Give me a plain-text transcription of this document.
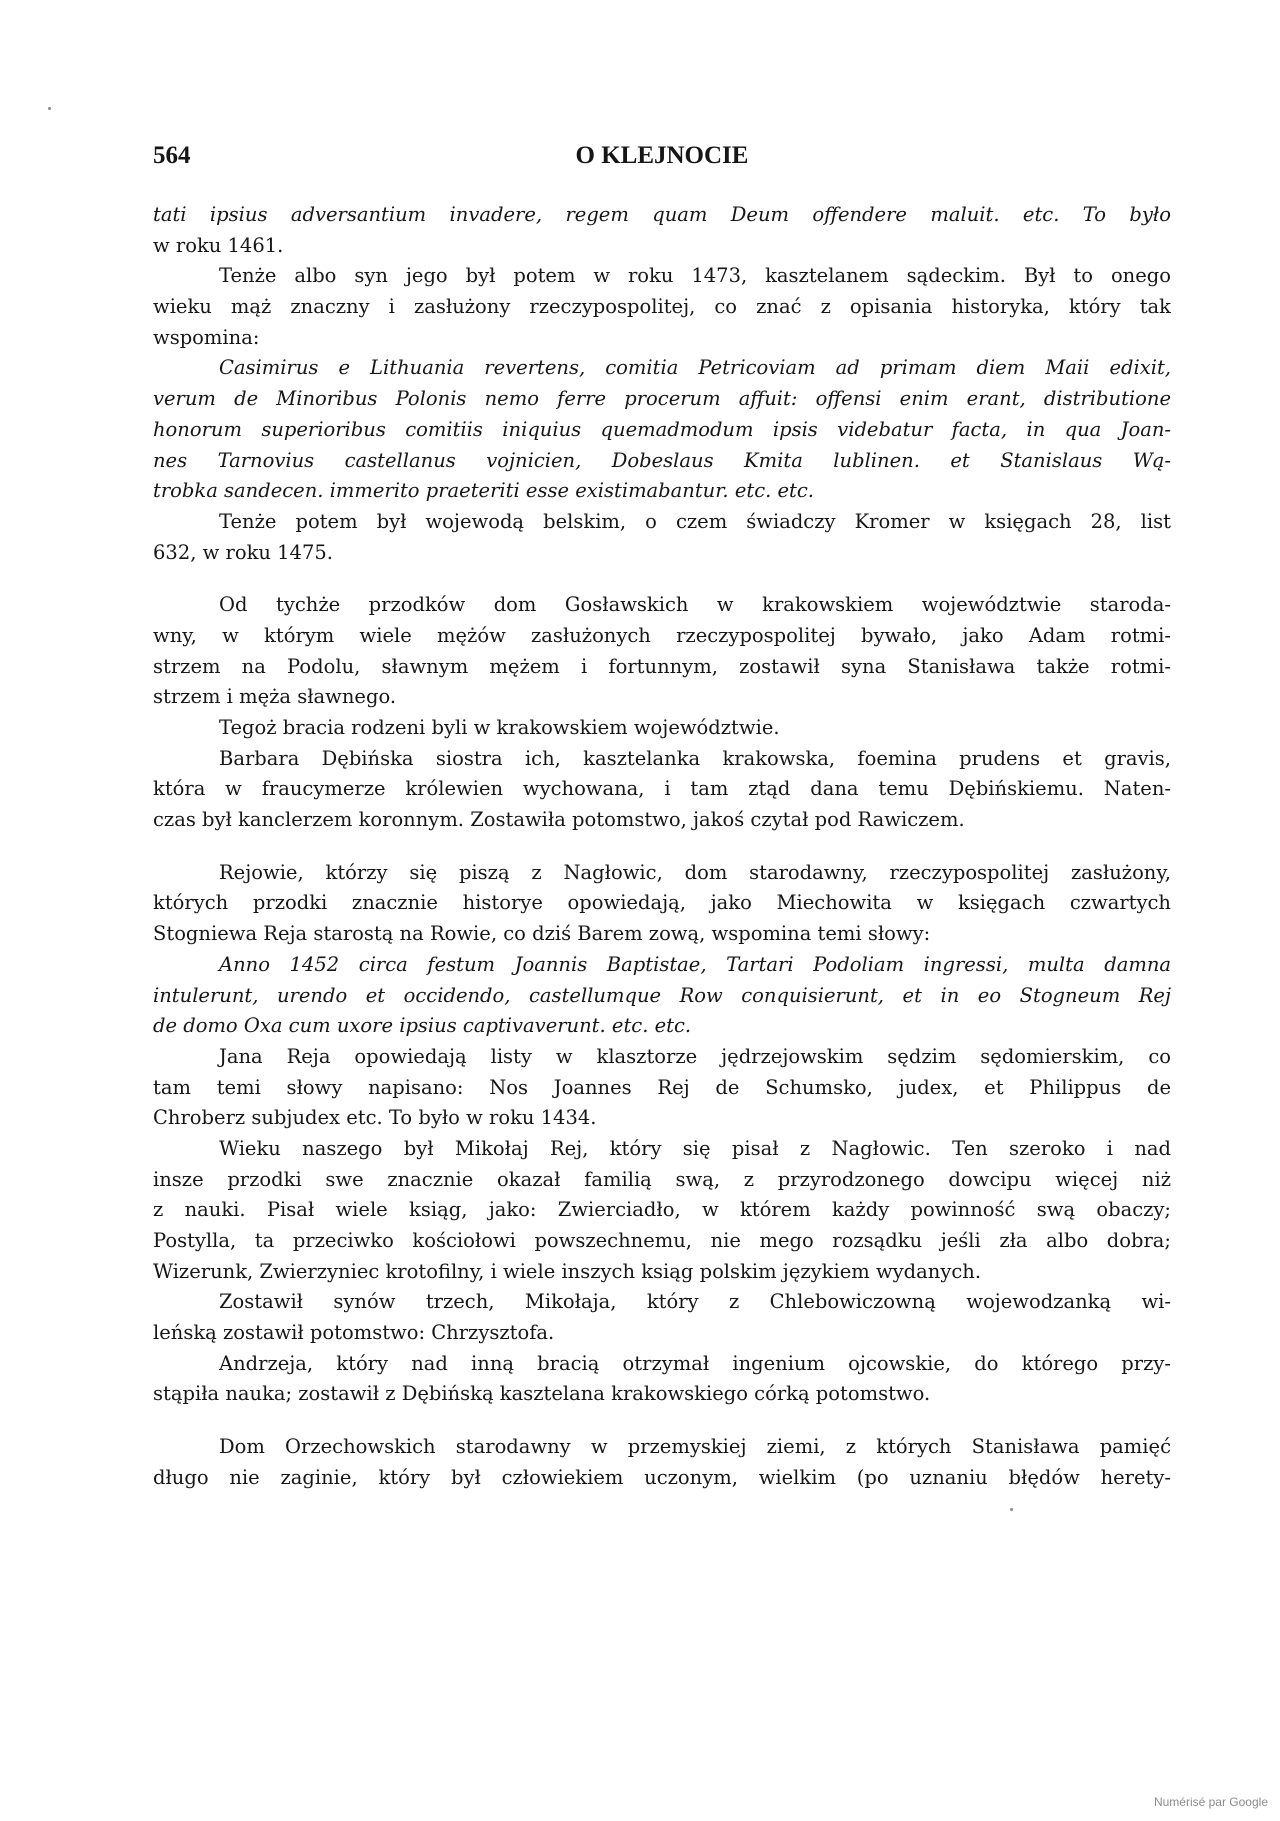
564	O KLEJNOCIE
tati ipsius adversantium invadere, regem quam Deum offendere maluit. etc. To było
w roku 1461.
Tenże albo syn jego był potem w roku 1473, kasztelanem sądeckim. Był to onego
wieku mąż znaczny i zasłużony rzeczypospolitej, co znać z opisania historyka, który tak
wspomina:
Casimirus e Lithuania revertens, comitia Petricoviam ad primam diem Maii edixit,
verum de Minoribus Polonis nemo ferre procerum affuit: offensi enim erant, distributione
honorum superioribus comitiis iniquius quemadmodum ipsis videbatur facta, in qua Joan-
nes Tarnovius castellanus vojnicien, Dobeslaus Kmita lublinen. et Stanislaus Wą-
trobka sandecen. immerito praeteriti esse existimabantur. etc. etc.
Tenże potem był wojewodą belskim, o czem świadczy Kromer w księgach 28, list
632, w roku 1475.
Od tychże przodków dom Gosławskich w krakowskiem województwie staroda-
wny, w którym wiele mężów zasłużonych rzeczypospolitej bywało, jako Adam rotmi-
strzem na Podolu, sławnym mężem i fortunnym, zostawił syna Stanisława także rotmi-
strzem i męża sławnego.
Tegoż bracia rodzeni byli w krakowskiem województwie.
Barbara Dębińska siostra ich, kasztelanka krakowska, foemina prudens et gravis,
która w fraucymerze królewien wychowana, i tam ztąd dana temu Dębińskiemu. Naten-
czas był kanclerzem koronnym. Zostawiła potomstwo, jakoś czytał pod Rawiczem.
Rejowie, którzy się piszą z Nagłowic, dom starodawny, rzeczypospolitej zasłużony,
których przodki znacznie historye opowiedają, jako Miechowita w księgach czwartych
Stogniewa Reja starostą na Rowie, co dziś Barem zową, wspomina temi słowy:
Anno 1452 circa festum Joannis Baptistae, Tartari Podoliam ingressi, multa damna
intulerunt, urendo et occidendo, castellumque Row conquisierunt, et in eo Stogneum Rej
de domo Oxa cum uxore ipsius captivaverunt. etc. etc.
Jana Reja opowiedają listy w klasztorze jędrzejowskim sędzim sędomierskim, co
tam temi słowy napisano: Nos Joannes Rej de Schumsko, judex, et Philippus de
Chroberz subjudex etc. To było w roku 1434.
Wieku naszego był Mikołaj Rej, który się pisał z Nagłowic. Ten szeroko i nad
insze przodki swe znacznie okazał familią swą, z przyrodzonego dowcipu więcej niż
z nauki. Pisał wiele ksiąg, jako: Zwierciadło, w którem każdy powinność swą obaczy;
Postylla, ta przeciwko kościołowi powszechnemu, nie mego rozsądku jeśli zła albo dobra;
Wizerunk, Zwierzyniec krotofilny, i wiele inszych ksiąg polskim językiem wydanych.
Zostawił synów trzech, Mikołaja, który z Chlebowiczowną wojewodzanką wi-
leńską zostawił potomstwo: Chrzysztofa.
Andrzeja, który nad inną bracią otrzymał ingenium ojcowskie, do którego przy-
stąpiła nauka; zostawił z Dębińską kasztelana krakowskiego córką potomstwo.
Dom Orzechowskich starodawny w przemyskiej ziemi, z których Stanisława pamięć
długo nie zaginie, który był człowiekiem uczonym, wielkim (po uznaniu błędów herety-
Numérisé par Google
